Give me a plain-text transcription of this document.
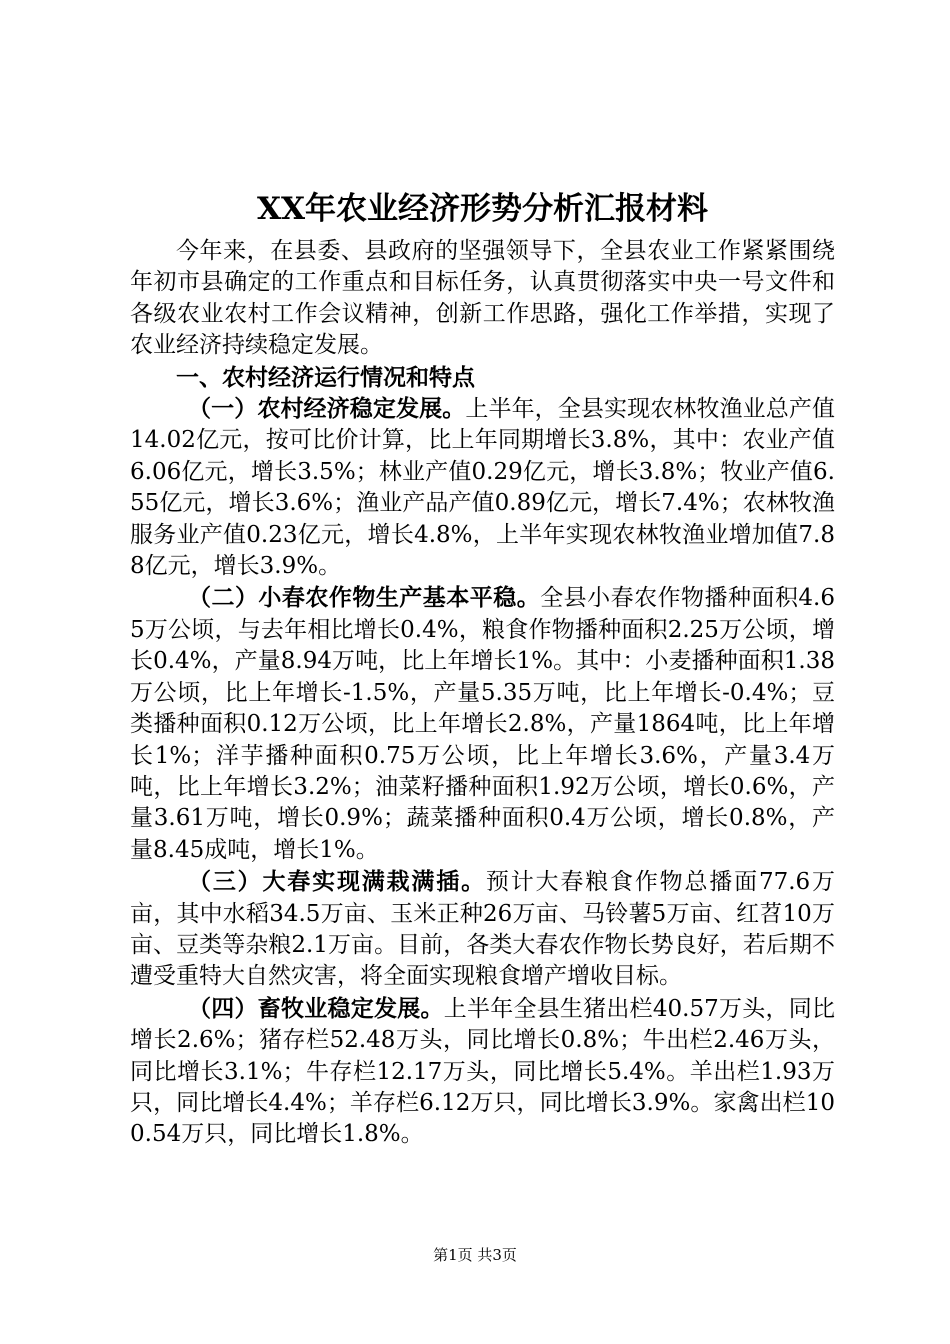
XX年农业经济形势分析汇报材料

今年来，在县委、县政府的坚强领导下，全县农业工作紧紧围绕年初市县确定的工作重点和目标任务，认真贯彻落实中央一号文件和各级农业农村工作会议精神，创新工作思路，强化工作举措，实现了农业经济持续稳定发展。

一、农村经济运行情况和特点

（一）农村经济稳定发展。上半年，全县实现农林牧渔业总产值14.02亿元，按可比价计算，比上年同期增长3.8%，其中：农业产值6.06亿元，增长3.5%；林业产值0.29亿元，增长3.8%；牧业产值6.55亿元，增长3.6%；渔业产品产值0.89亿元，增长7.4%；农林牧渔服务业产值0.23亿元，增长4.8%，上半年实现农林牧渔业增加值7.88亿元，增长3.9%。

（二）小春农作物生产基本平稳。全县小春农作物播种面积4.65万公顷，与去年相比增长0.4%，粮食作物播种面积2.25万公顷，增长0.4%，产量8.94万吨，比上年增长1%。其中：小麦播种面积1.38万公顷，比上年增长-1.5%，产量5.35万吨，比上年增长-0.4%；豆类播种面积0.12万公顷，比上年增长2.8%，产量1864吨，比上年增长1%；洋芋播种面积0.75万公顷，比上年增长3.6%，产量3.4万吨，比上年增长3.2%；油菜籽播种面积1.92万公顷，增长0.6%，产量3.61万吨，增长0.9%；蔬菜播种面积0.4万公顷，增长0.8%，产量8.45成吨，增长1%。

（三）大春实现满栽满插。预计大春粮食作物总播面77.6万亩，其中水稻34.5万亩、玉米正种26万亩、马铃薯5万亩、红苕10万亩、豆类等杂粮2.1万亩。目前，各类大春农作物长势良好，若后期不遭受重特大自然灾害，将全面实现粮食增产增收目标。

（四）畜牧业稳定发展。上半年全县生猪出栏40.57万头，同比增长2.6%；猪存栏52.48万头，同比增长0.8%；牛出栏2.46万头，同比增长3.1%；牛存栏12.17万头，同比增长5.4%。羊出栏1.93万只，同比增长4.4%；羊存栏6.12万只，同比增长3.9%。家禽出栏100.54万只，同比增长1.8%。

第1页 共3页
